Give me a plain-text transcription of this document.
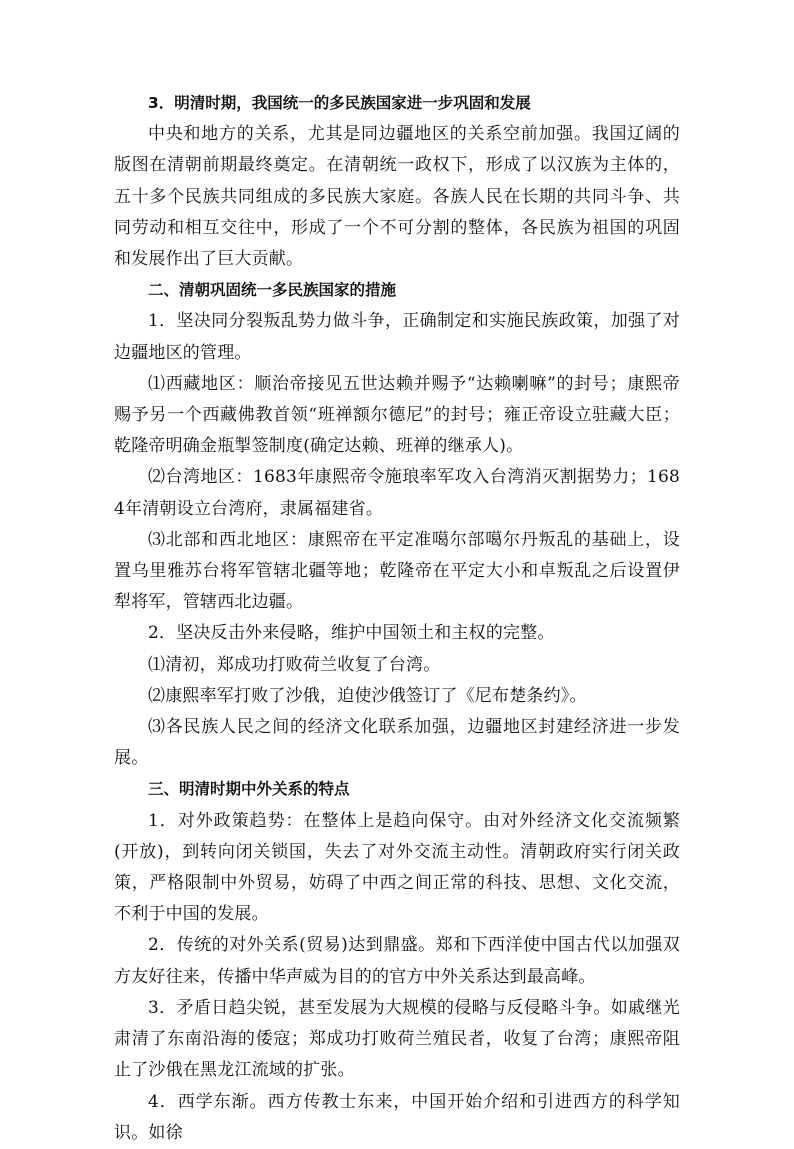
3．明清时期，我国统一的多民族国家进一步巩固和发展

中央和地方的关系，尤其是同边疆地区的关系空前加强。我国辽阔的版图在清朝前期最终奠定。在清朝统一政权下，形成了以汉族为主体的，五十多个民族共同组成的多民族大家庭。各族人民在长期的共同斗争、共同劳动和相互交往中，形成了一个不可分割的整体，各民族为祖国的巩固和发展作出了巨大贡献。

二、清朝巩固统一多民族国家的措施

1．坚决同分裂叛乱势力做斗争，正确制定和实施民族政策，加强了对边疆地区的管理。

⑴西藏地区：顺治帝接见五世达赖并赐予“达赖喇嘛”的封号；康熙帝赐予另一个西藏佛教首领“班禅额尔德尼”的封号；雍正帝设立驻藏大臣；乾隆帝明确金瓶掣签制度(确定达赖、班禅的继承人)。

⑵台湾地区：1683年康熙帝令施琅率军攻入台湾消灭割据势力；1684年清朝设立台湾府，隶属福建省。

⑶北部和西北地区：康熙帝在平定准噶尔部噶尔丹叛乱的基础上，设置乌里雅苏台将军管辖北疆等地；乾隆帝在平定大小和卓叛乱之后设置伊犁将军，管辖西北边疆。

2．坚决反击外来侵略，维护中国领土和主权的完整。

⑴清初，郑成功打败荷兰收复了台湾。

⑵康熙率军打败了沙俄，迫使沙俄签订了《尼布楚条约》。

⑶各民族人民之间的经济文化联系加强，边疆地区封建经济进一步发展。

三、明清时期中外关系的特点

1．对外政策趋势：在整体上是趋向保守。由对外经济文化交流频繁(开放)，到转向闭关锁国，失去了对外交流主动性。清朝政府实行闭关政策，严格限制中外贸易，妨碍了中西之间正常的科技、思想、文化交流，不利于中国的发展。

2．传统的对外关系(贸易)达到鼎盛。郑和下西洋使中国古代以加强双方友好往来，传播中华声威为目的的官方中外关系达到最高峰。

3．矛盾日趋尖锐，甚至发展为大规模的侵略与反侵略斗争。如戚继光肃清了东南沿海的倭寇；郑成功打败荷兰殖民者，收复了台湾；康熙帝阻止了沙俄在黑龙江流域的扩张。

4．西学东渐。西方传教士东来，中国开始介绍和引进西方的科学知识。如徐
